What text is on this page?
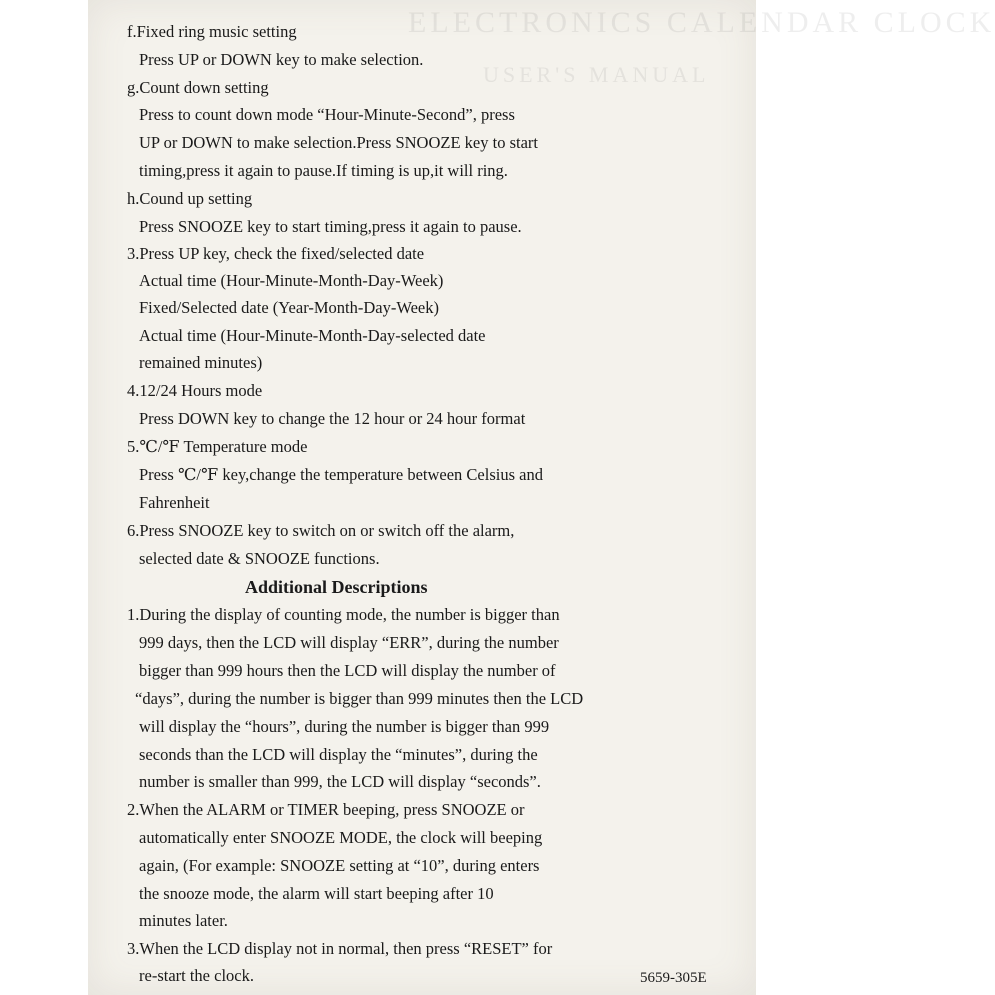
ELECTRONICS CALENDAR CLOCK
USER'S MANUAL
f.Fixed ring music setting
Press UP or DOWN key to make selection.
g.Count down setting
Press to count down mode “Hour-Minute-Second”, press
UP or DOWN to make selection.Press SNOOZE key to start
timing,press it again to pause.If timing is up,it will ring.
h.Cound up setting
Press SNOOZE key to start timing,press it again to pause.
3.Press UP key, check the fixed/selected date
Actual time (Hour-Minute-Month-Day-Week)
Fixed/Selected date (Year-Month-Day-Week)
Actual time (Hour-Minute-Month-Day-selected date
remained minutes)
4.12/24 Hours mode
Press DOWN key to change the 12 hour or 24 hour format
5.℃/℉ Temperature mode
Press ℃/℉ key,change the temperature between Celsius and
Fahrenheit
6.Press SNOOZE key to switch on or switch off the alarm,
selected date & SNOOZE functions.
Additional Descriptions
1.During the display of counting mode, the number is bigger than
999 days, then the LCD will display “ERR”, during the number
bigger than 999 hours then the LCD will display the number of
“days”, during the number is bigger than 999 minutes then the LCD
will display the “hours”, during the number is bigger than 999
seconds than the LCD will display the “minutes”, during the
number is smaller than 999, the LCD will display “seconds”.
2.When the ALARM or TIMER beeping, press SNOOZE or
automatically enter SNOOZE MODE, the clock will beeping
again, (For example: SNOOZE setting at “10”, during enters
the snooze mode, the alarm will start beeping after 10
minutes later.
3.When the LCD display not in normal, then press “RESET” for
re-start the clock.	5659-305E
